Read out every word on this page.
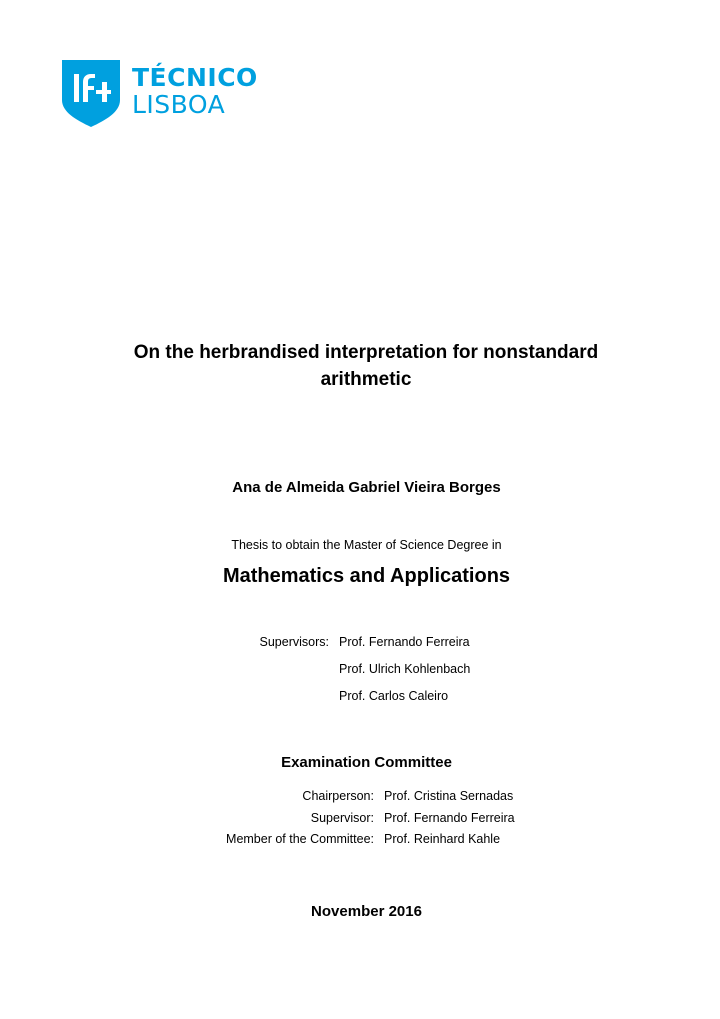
TÉCNICO
LISBOA
On the herbrandised interpretation for nonstandard
arithmetic
Ana de Almeida Gabriel Vieira Borges
Thesis to obtain the Master of Science Degree in
Mathematics and Applications
Supervisors: Prof. Fernando Ferreira
Prof. Ulrich Kohlenbach
Prof. Carlos Caleiro
Examination Committee
Chairperson: Prof. Cristina Sernadas
Supervisor: Prof. Fernando Ferreira
Member of the Committee: Prof. Reinhard Kahle
November 2016
